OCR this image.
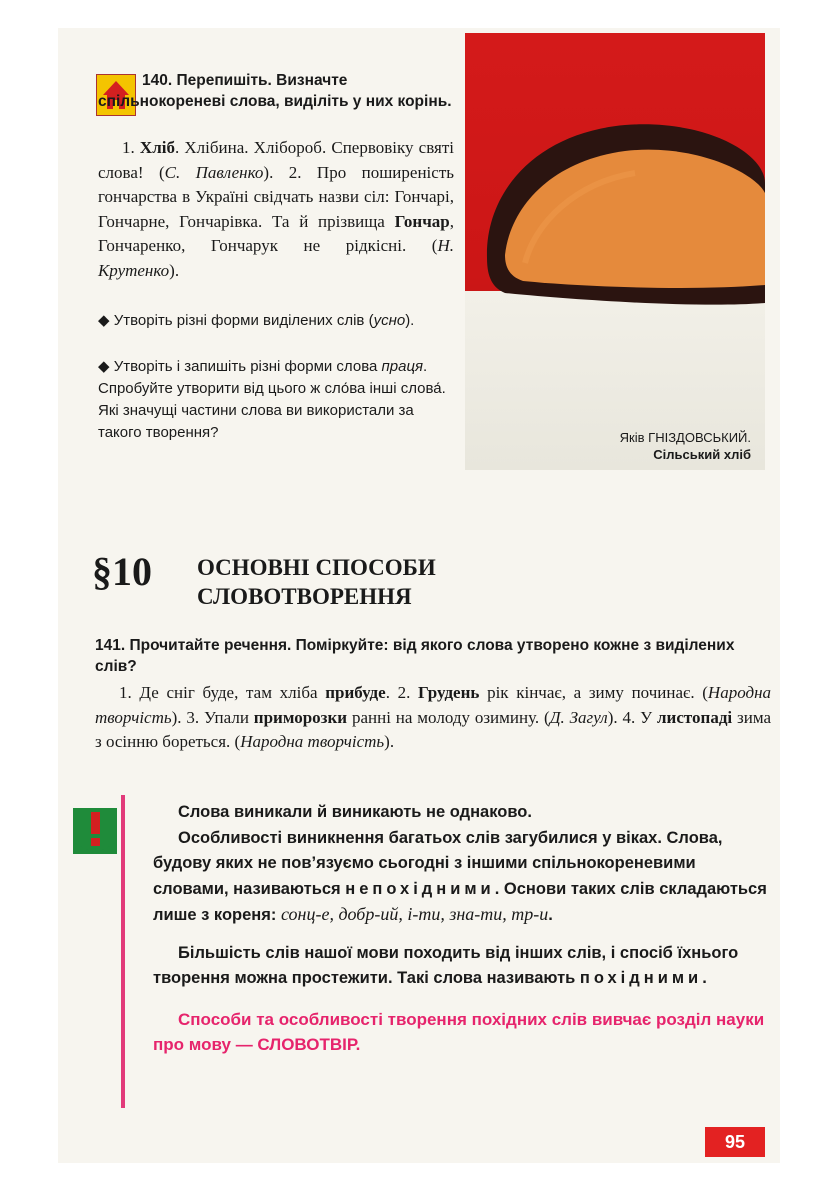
140. Перепишіть. Визначте спільнокореневі слова, виділіть у них корінь.
1. Хліб. Хлібина. Хлібороб. Спервовіку святі слова! (С. Павленко). 2. Про поширеність гончарства в Україні свідчать назви сіл: Гончарі, Гончарне, Гончарівка. Та й прізвища Гончар, Гончаренко, Гончарук не рідкісні. (Н. Крутенко).
◆ Утворіть різні форми виділених слів (усно).
◆ Утворіть і запишіть різні форми слова праця. Спробуйте утворити від цього ж сло́ва інші слова́. Які значущі частини слова ви використали за такого творення?	Яків ГНІЗДОВСЬКИЙ.
Сільський хліб
§10 ОСНОВНІ СПОСОБИ
СЛОВОТВОРЕННЯ
141. Прочитайте речення. Поміркуйте: від якого слова утворено кожне з виділених слів?
1. Де сніг буде, там хліба прибуде. 2. Грудень рік кінчає, а зиму починає. (Народна творчість). 3. Упали приморозки ранні на молоду озимину. (Д. Загул). 4. У листопаді зима з осінню бореться. (Народна творчість).

Слова виникали й виникають не однаково.

Особливості виникнення багатьох слів загубилися у віках. Слова, будову яких не пов’язуємо сьогодні з іншими спільнокореневими словами, називаються непохідними. Основи таких слів складаються лише з кореня: сонц-е, добр-ий, і-ти, зна-ти, тр-и.

Більшість слів нашої мови походить від інших слів, і спосіб їхнього творення можна простежити. Такі слова називають похідними.

Способи та особливості творення похідних слів вивчає розділ науки про мову — СЛОВОТВІР.

95
